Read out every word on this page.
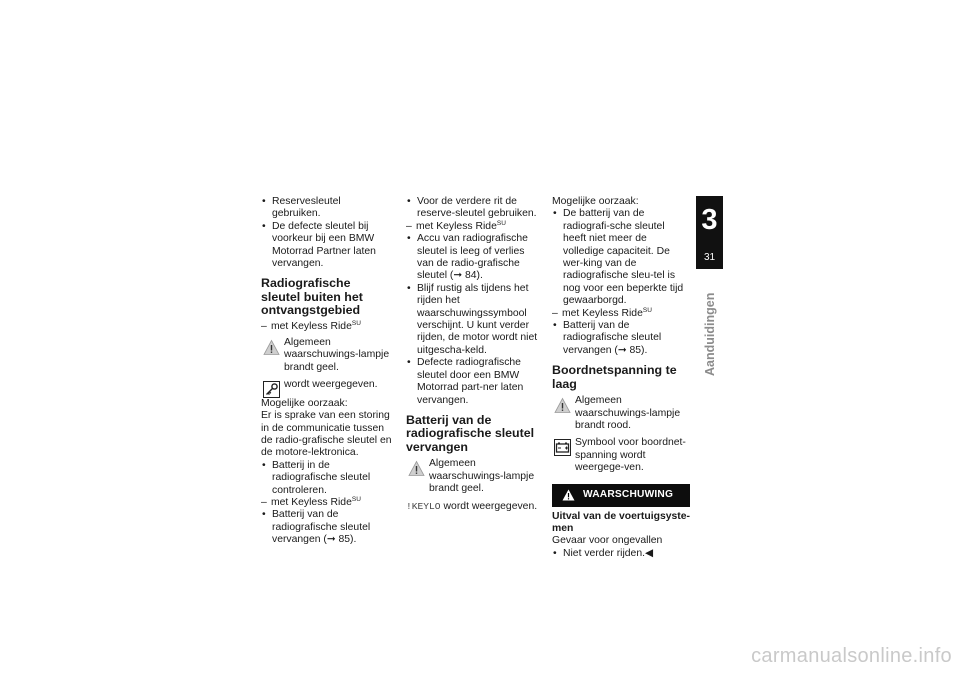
• Reservesleutel gebruiken.
• De defecte sleutel bij voorkeur bij een BMW Motorrad Partner laten vervangen.
Radiografische sleutel buiten het ontvangstgebied
– met Keyless Ride$^{SU}$
Algemeen waarschuwings-lampje brandt geel.
wordt weergegeven.
Mogelijke oorzaak:
Er is sprake van een storing in de communicatie tussen de radio-grafische sleutel en de motore-lektronica.
• Batterij in de radiografische sleutel controleren.
– met Keyless Ride$^{SU}$
• Batterij van de radiografische sleutel vervangen (➞ 85).
• Voor de verdere rit de reserve-sleutel gebruiken.
– met Keyless Ride$^{SU}$
• Accu van radiografische sleutel is leeg of verlies van de radio-grafische sleutel (➞ 84).
• Blijf rustig als tijdens het rijden het waarschuwingssymbool verschijnt. U kunt verder rijden, de motor wordt niet uitgescha-keld.
• Defecte radiografische sleutel door een BMW Motorrad part-ner laten vervangen.
Batterij van de radiografische sleutel vervangen
Algemeen waarschuwings-lampje brandt geel.
!KEYLO wordt weergegeven.
Mogelijke oorzaak:
• De batterij van de radiografi-sche sleutel heeft niet meer de volledige capaciteit. De wer-king van de radiografische sleu-tel is nog voor een beperkte tijd gewaarborgd.
– met Keyless Ride$^{SU}$
• Batterij van de radiografische sleutel vervangen (➞ 85).
Boordnetspanning te laag
Algemeen waarschuwings-lampje brandt rood.
Symbool voor boordnet-spanning wordt weergege-ven.
WAARSCHUWING
Uitval van de voertuigsyste-men
Gevaar voor ongevallen
• Niet verder rijden.◀
3
31
Aanduidingen
carmanualsonline.info
